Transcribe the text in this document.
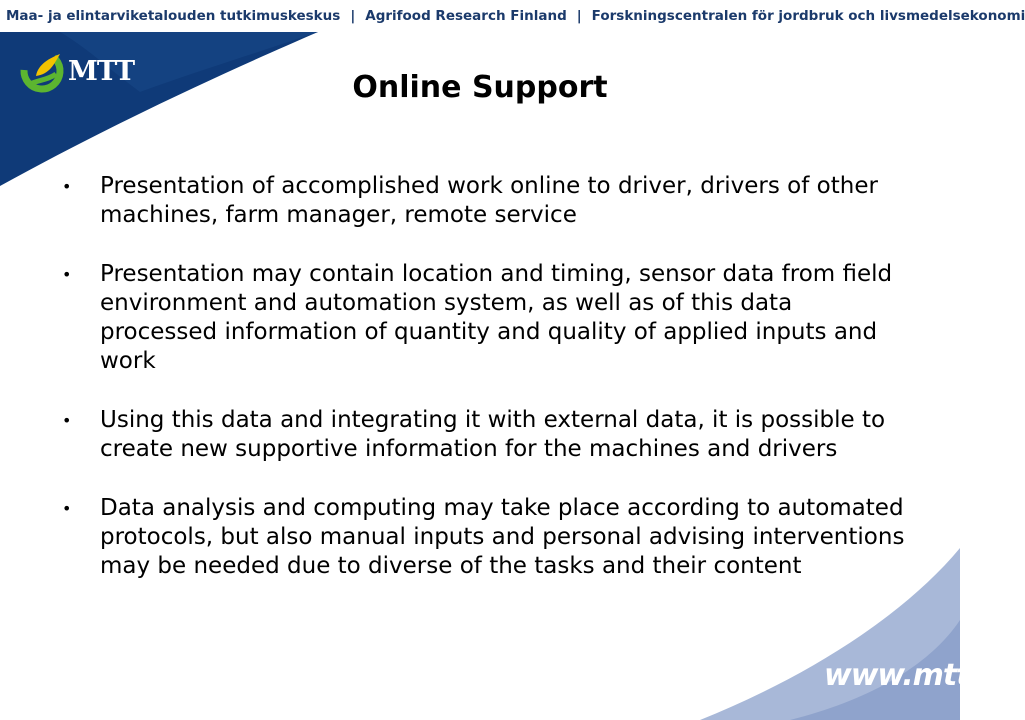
Maa- ja elintarviketalouden tutkimuskeskus | Agrifood Research Finland | Forskningscentralen för jordbruk och livsmedelsekonomi
MTT	Online Support
• Presentation of accomplished work online to driver, drivers of other machines, farm manager, remote service
• Presentation may contain location and timing, sensor data from field environment and automation system, as well as of this data processed information of quantity and quality of applied inputs and work
• Using this data and integrating it with external data, it is possible to create new supportive information for the machines and drivers
• Data analysis and computing may take place according to automated protocols, but also manual inputs and personal advising interventions may be needed due to diverse of the tasks and their content
www.mtt.fi
